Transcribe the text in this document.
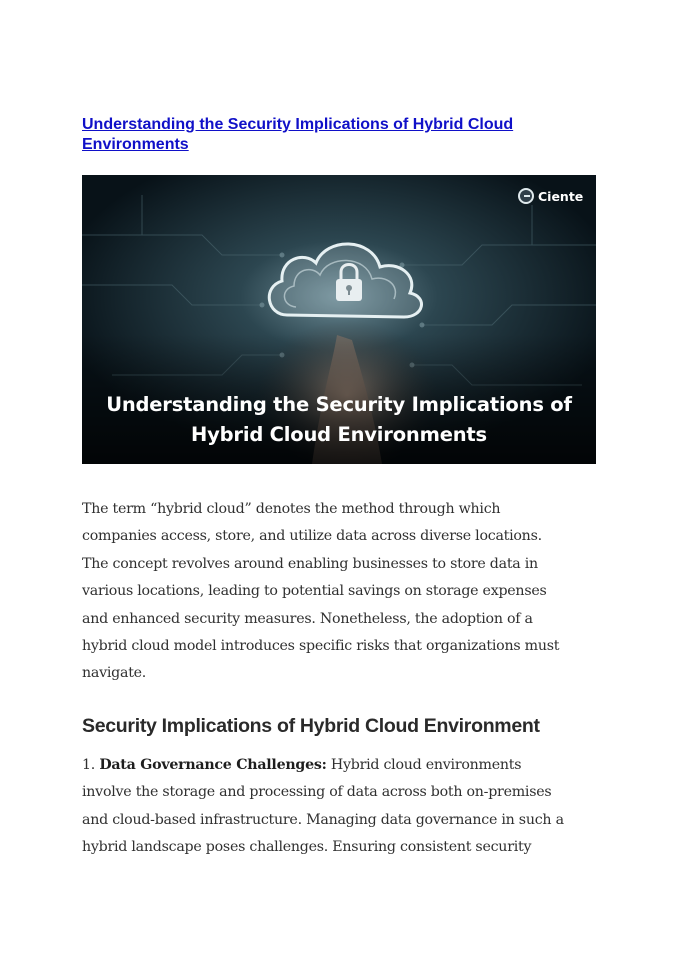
Understanding the Security Implications of Hybrid Cloud
Environments
Ciente
Understanding the Security Implications of
Hybrid Cloud Environments
The term “hybrid cloud” denotes the method through which
companies access, store, and utilize data across diverse locations.
The concept revolves around enabling businesses to store data in
various locations, leading to potential savings on storage expenses
and enhanced security measures. Nonetheless, the adoption of a
hybrid cloud model introduces specific risks that organizations must
navigate.
Security Implications of Hybrid Cloud Environment
1. Data Governance Challenges: Hybrid cloud environments
involve the storage and processing of data across both on-premises
and cloud-based infrastructure. Managing data governance in such a
hybrid landscape poses challenges. Ensuring consistent security
